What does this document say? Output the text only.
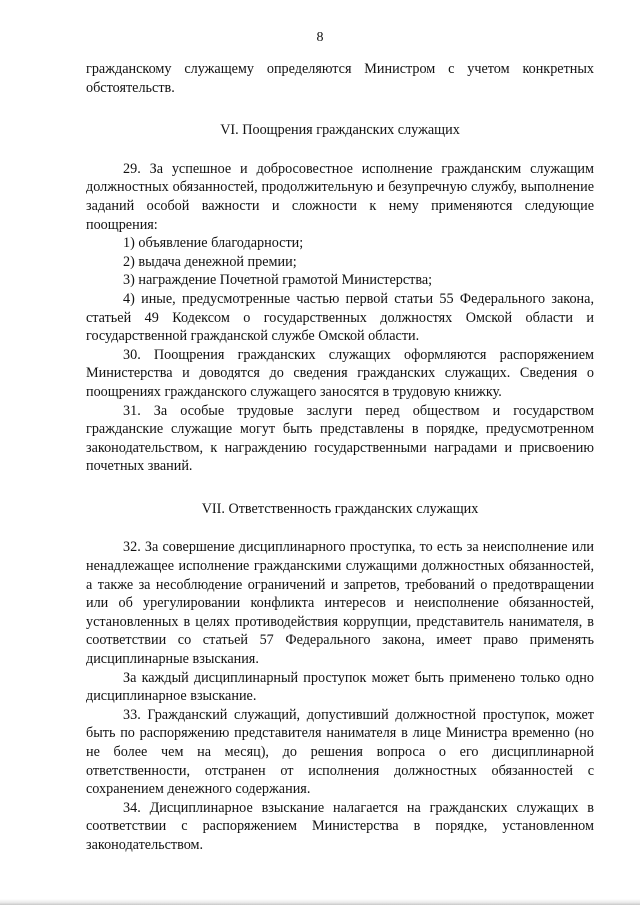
8

гражданскому служащему определяются Министром с учетом конкретных обстоятельств.

VI. Поощрения гражданских служащих

29. За успешное и добросовестное исполнение гражданским служащим должностных обязанностей, продолжительную и безупречную службу, выполнение заданий особой важности и сложности к нему применяются следующие поощрения:

1) объявление благодарности;

2) выдача денежной премии;

3) награждение Почетной грамотой Министерства;

4) иные, предусмотренные частью первой статьи 55 Федерального закона, статьей 49 Кодексом о государственных должностях Омской области и государственной гражданской службе Омской области.

30. Поощрения гражданских служащих оформляются распоряжением Министерства и доводятся до сведения гражданских служащих. Сведения о поощрениях гражданского служащего заносятся в трудовую книжку.

31. За особые трудовые заслуги перед обществом и государством гражданские служащие могут быть представлены в порядке, предусмотренном законодательством, к награждению государственными наградами и присвоению почетных званий.

VII. Ответственность гражданских служащих

32. За совершение дисциплинарного проступка, то есть за неисполнение или ненадлежащее исполнение гражданскими служащими должностных обязанностей, а также за несоблюдение ограничений и запретов, требований о предотвращении или об урегулировании конфликта интересов и неисполнение обязанностей, установленных в целях противодействия коррупции, представитель нанимателя, в соответствии со статьей 57 Федерального закона, имеет право применять дисциплинарные взыскания.

За каждый дисциплинарный проступок может быть применено только одно дисциплинарное взыскание.

33. Гражданский служащий, допустивший должностной проступок, может быть по распоряжению представителя нанимателя в лице Министра временно (но не более чем на месяц), до решения вопроса о его дисциплинарной ответственности, отстранен от исполнения должностных обязанностей с сохранением денежного содержания.

34. Дисциплинарное взыскание налагается на гражданских служащих в соответствии с распоряжением Министерства в порядке, установленном законодательством.
